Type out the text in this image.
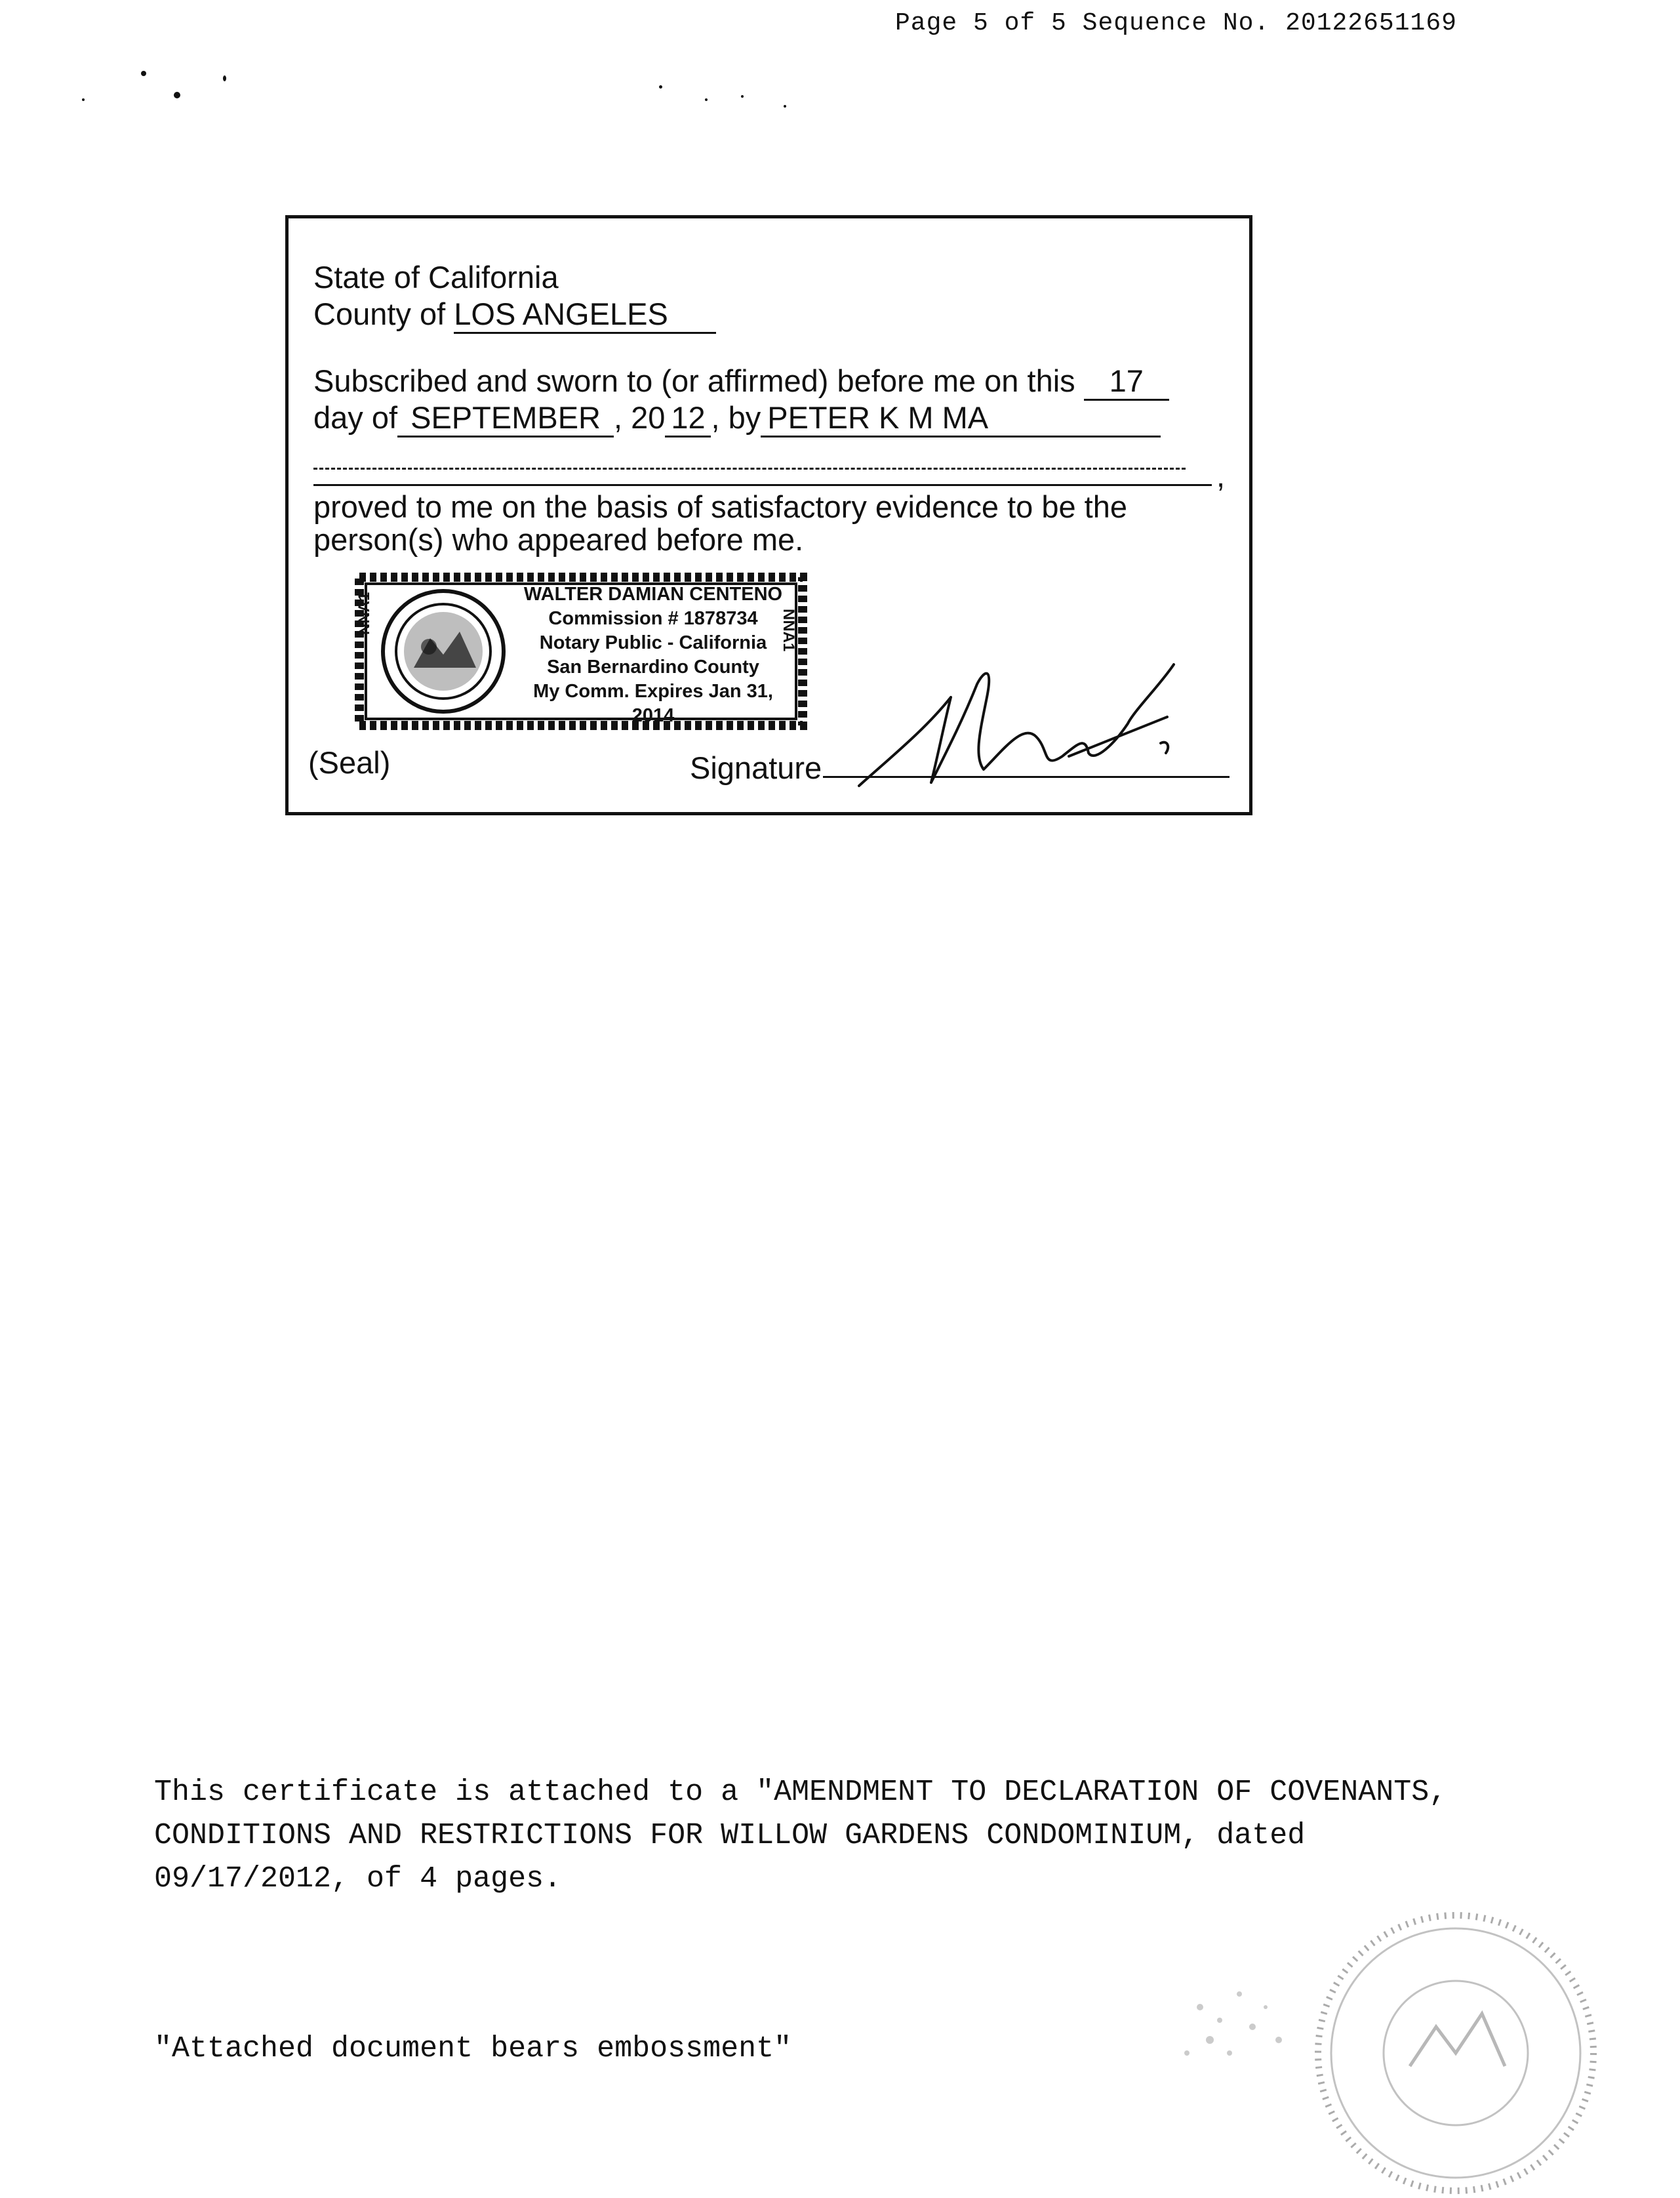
Page 5 of 5 Sequence No. 20122651169
State of California
County of LOS ANGELES
Subscribed and sworn to (or affirmed) before me on this 17
day of SEPTEMBER , 20 12 , by PETER K M MA
,
proved to me on the basis of satisfactory evidence to be the
person(s) who appeared before me.
WALTER DAMIAN CENTENO
Commission # 1878734
Notary Public - California
San Bernardino County
My Comm. Expires Jan 31, 2014
NNA1	NNA1
(Seal)	Signature
This certificate is attached to a "AMENDMENT TO DECLARATION OF COVENANTS,
CONDITIONS AND RESTRICTIONS FOR WILLOW GARDENS CONDOMINIUM, dated
09/17/2012, of 4 pages.
"Attached document bears embossment"
